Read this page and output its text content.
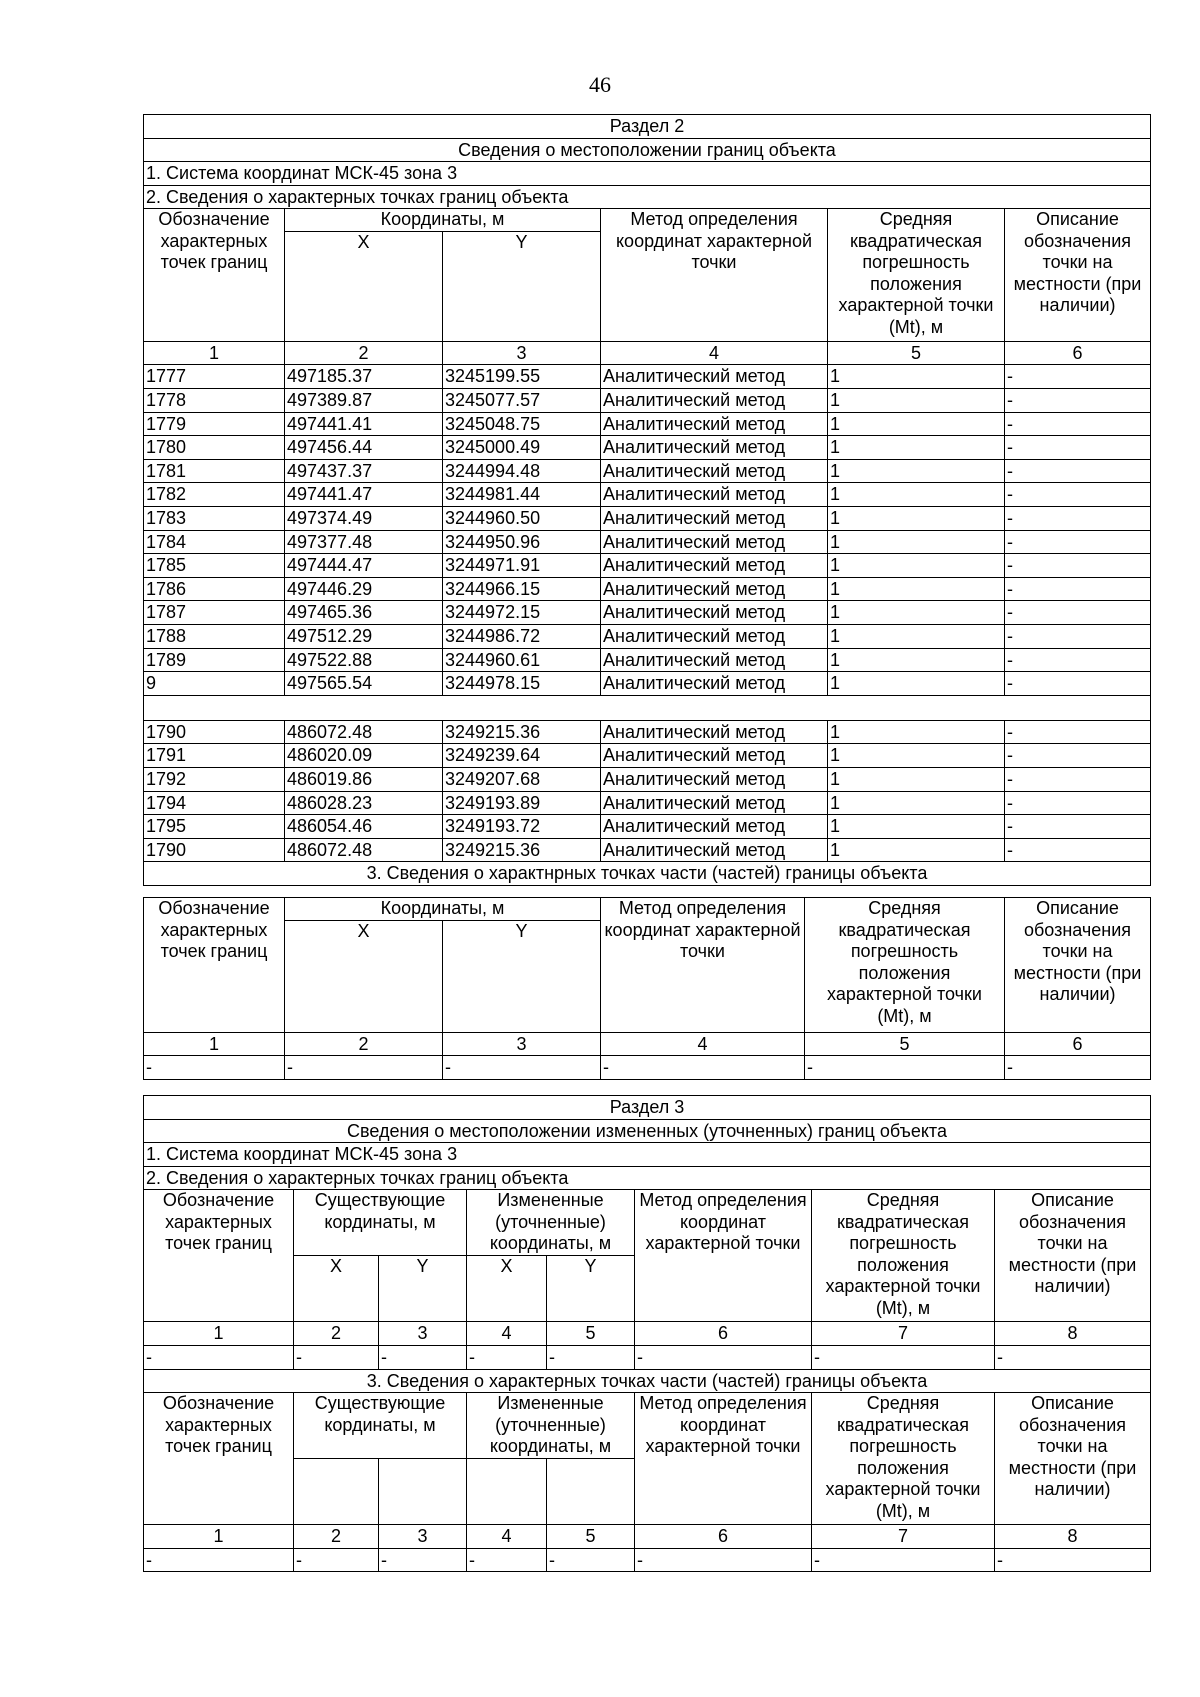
46
Раздел 2					
Сведения о местоположении границ объекта					
1. Система координат МСК-45 зона 3					
2. Сведения о характерных точках границ объекта					
Обозначение характерных точек границ	Координаты, м		Метод определения координат характерной точки	Средняя квадратическая погрешность положения характерной точки (Mt), м	Описание обозначения точки на местности (при наличии)
	X	Y			
1	2	3	4	5	6
1777	497185.37	3245199.55	Аналитический метод	1	-
1778	497389.87	3245077.57	Аналитический метод	1	-
1779	497441.41	3245048.75	Аналитический метод	1	-
1780	497456.44	3245000.49	Аналитический метод	1	-
1781	497437.37	3244994.48	Аналитический метод	1	-
1782	497441.47	3244981.44	Аналитический метод	1	-
1783	497374.49	3244960.50	Аналитический метод	1	-
1784	497377.48	3244950.96	Аналитический метод	1	-
1785	497444.47	3244971.91	Аналитический метод	1	-
1786	497446.29	3244966.15	Аналитический метод	1	-
1787	497465.36	3244972.15	Аналитический метод	1	-
1788	497512.29	3244986.72	Аналитический метод	1	-
1789	497522.88	3244960.61	Аналитический метод	1	-
9	497565.54	3244978.15	Аналитический метод	1	-

1790	486072.48	3249215.36	Аналитический метод	1	-
1791	486020.09	3249239.64	Аналитический метод	1	-
1792	486019.86	3249207.68	Аналитический метод	1	-
1794	486028.23	3249193.89	Аналитический метод	1	-
1795	486054.46	3249193.72	Аналитический метод	1	-
1790	486072.48	3249215.36	Аналитический метод	1	-
3. Сведения о характнрных точках части (частей) границы объекта					
Обозначение характерных точек границ	Координаты, м		Метод определения координат характерной точки	Средняя квадратическая погрешность положения характерной точки (Mt), м	Описание обозначения точки на местности (при наличии)
	X	Y			
1	2	3	4	5	6
-	-	-	-	-	-
Раздел 3							
Сведения о местоположении измененных (уточненных) границ объекта							
1. Система координат МСК-45 зона 3							
2. Сведения о характерных точках границ объекта							
Обозначение характерных точек границ	Существующие кординаты, м		Измененные (уточненные) координаты, м		Метод определения координат характерной точки	Средняя квадратическая погрешность положения характерной точки (Mt), м	Описание обозначения точки на местности (при наличии)
	X	Y	X	Y			
1	2	3	4	5	6	7	8
-	-	-	-	-	-	-	-
3. Сведения о характерных точках части (частей) границы объекта							
Обозначение характерных точек границ	Существующие кординаты, м		Измененные (уточненные) координаты, м		Метод определения координат характерной точки	Средняя квадратическая погрешность положения характерной точки (Mt), м	Описание обозначения точки на местности (при наличии)

1	2	3	4	5	6	7	8
-	-	-	-	-	-	-	-
